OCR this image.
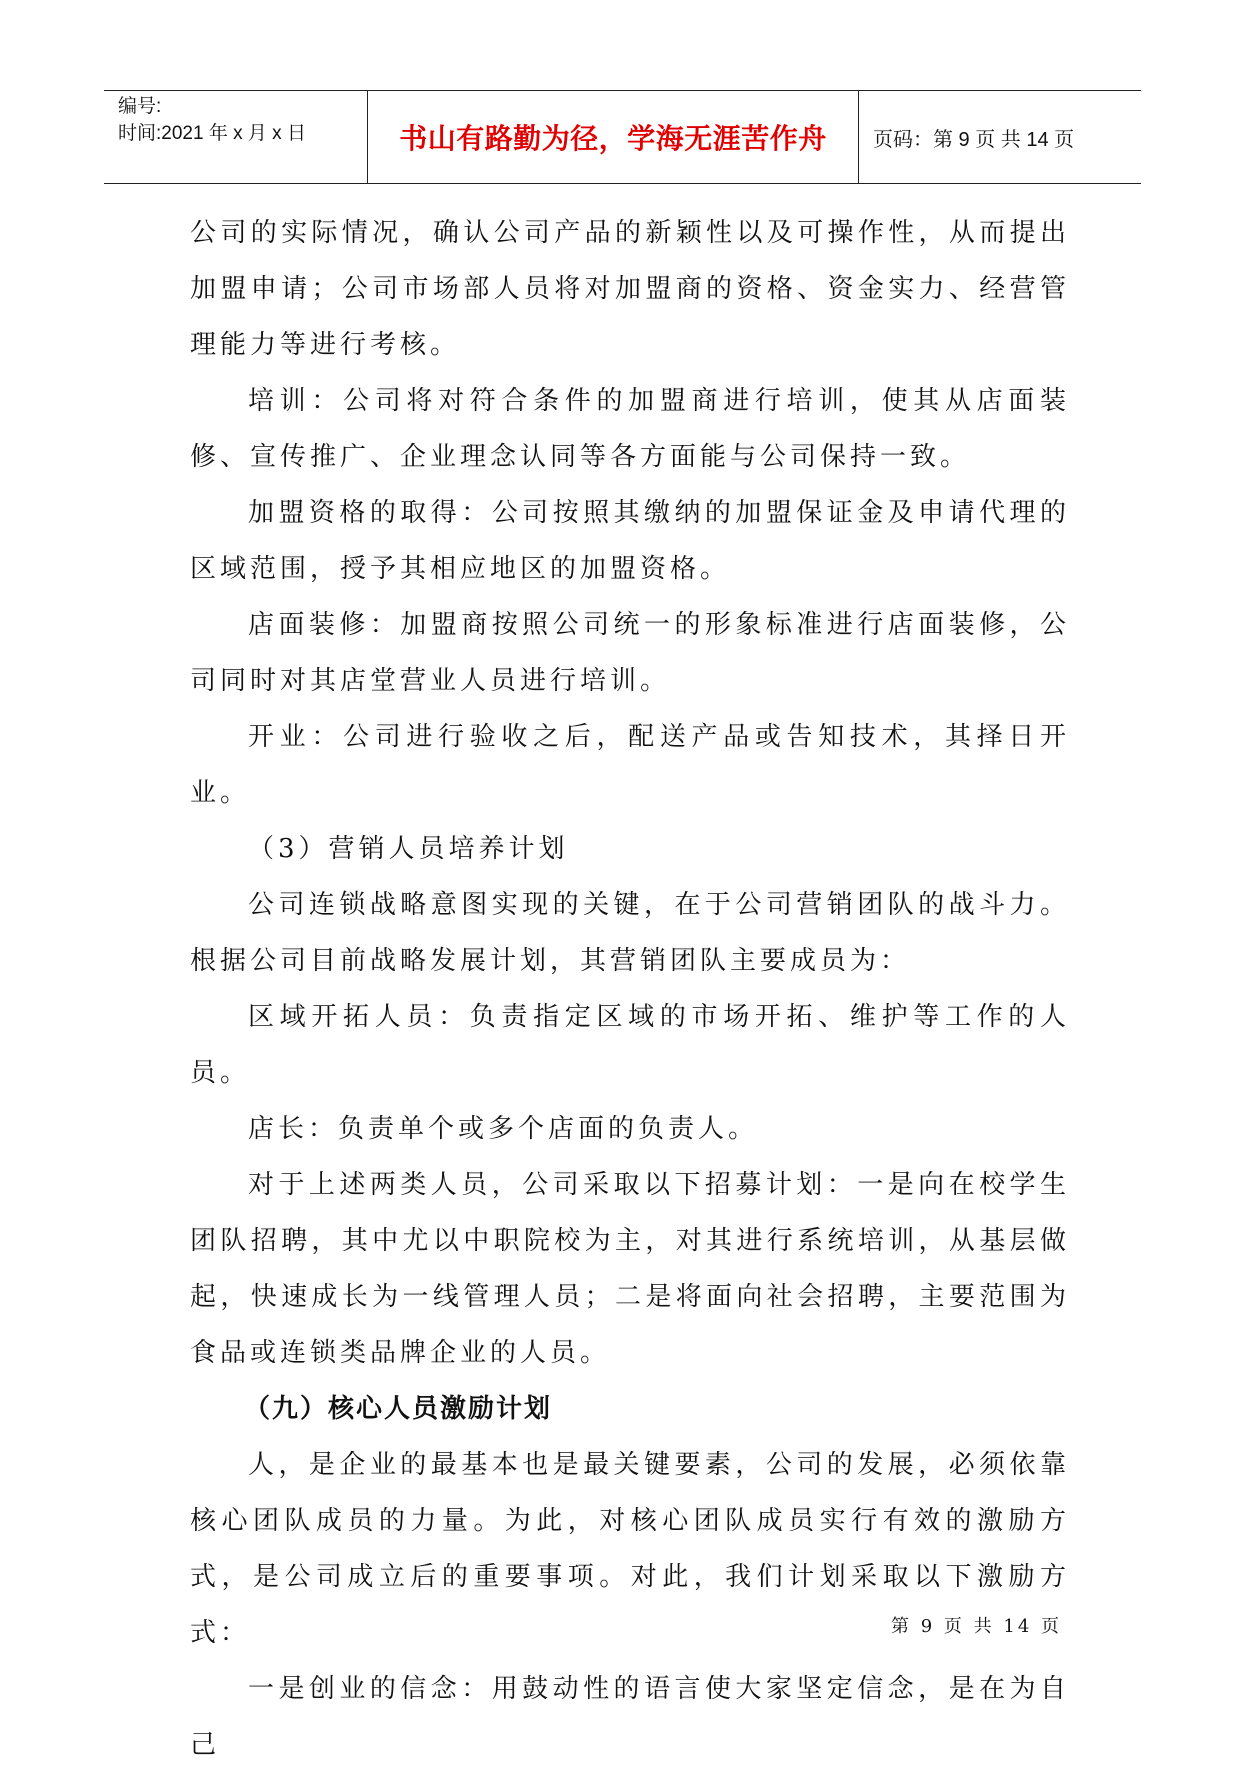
编号:
时间:2021 年 x 月 x 日	书山有路勤为径，学海无涯苦作舟	页码：第 9 页 共 14 页

公司的实际情况，确认公司产品的新颖性以及可操作性，从而提出加盟申请；公司市场部人员将对加盟商的资格、资金实力、经营管理能力等进行考核。

培训：公司将对符合条件的加盟商进行培训，使其从店面装修、宣传推广、企业理念认同等各方面能与公司保持一致。

加盟资格的取得：公司按照其缴纳的加盟保证金及申请代理的区域范围，授予其相应地区的加盟资格。

店面装修：加盟商按照公司统一的形象标准进行店面装修，公司同时对其店堂营业人员进行培训。

开业：公司进行验收之后，配送产品或告知技术，其择日开业。

（3）营销人员培养计划

公司连锁战略意图实现的关键，在于公司营销团队的战斗力。根据公司目前战略发展计划，其营销团队主要成员为：

区域开拓人员：负责指定区域的市场开拓、维护等工作的人员。

店长：负责单个或多个店面的负责人。

对于上述两类人员，公司采取以下招募计划：一是向在校学生团队招聘，其中尤以中职院校为主，对其进行系统培训，从基层做起，快速成长为一线管理人员；二是将面向社会招聘，主要范围为食品或连锁类品牌企业的人员。

（九）核心人员激励计划

人，是企业的最基本也是最关键要素，公司的发展，必须依靠核心团队成员的力量。为此，对核心团队成员实行有效的激励方式，是公司成立后的重要事项。对此，我们计划采取以下激励方式：

一是创业的信念：用鼓动性的语言使大家坚定信念，是在为自己

第 9 页 共 14 页
